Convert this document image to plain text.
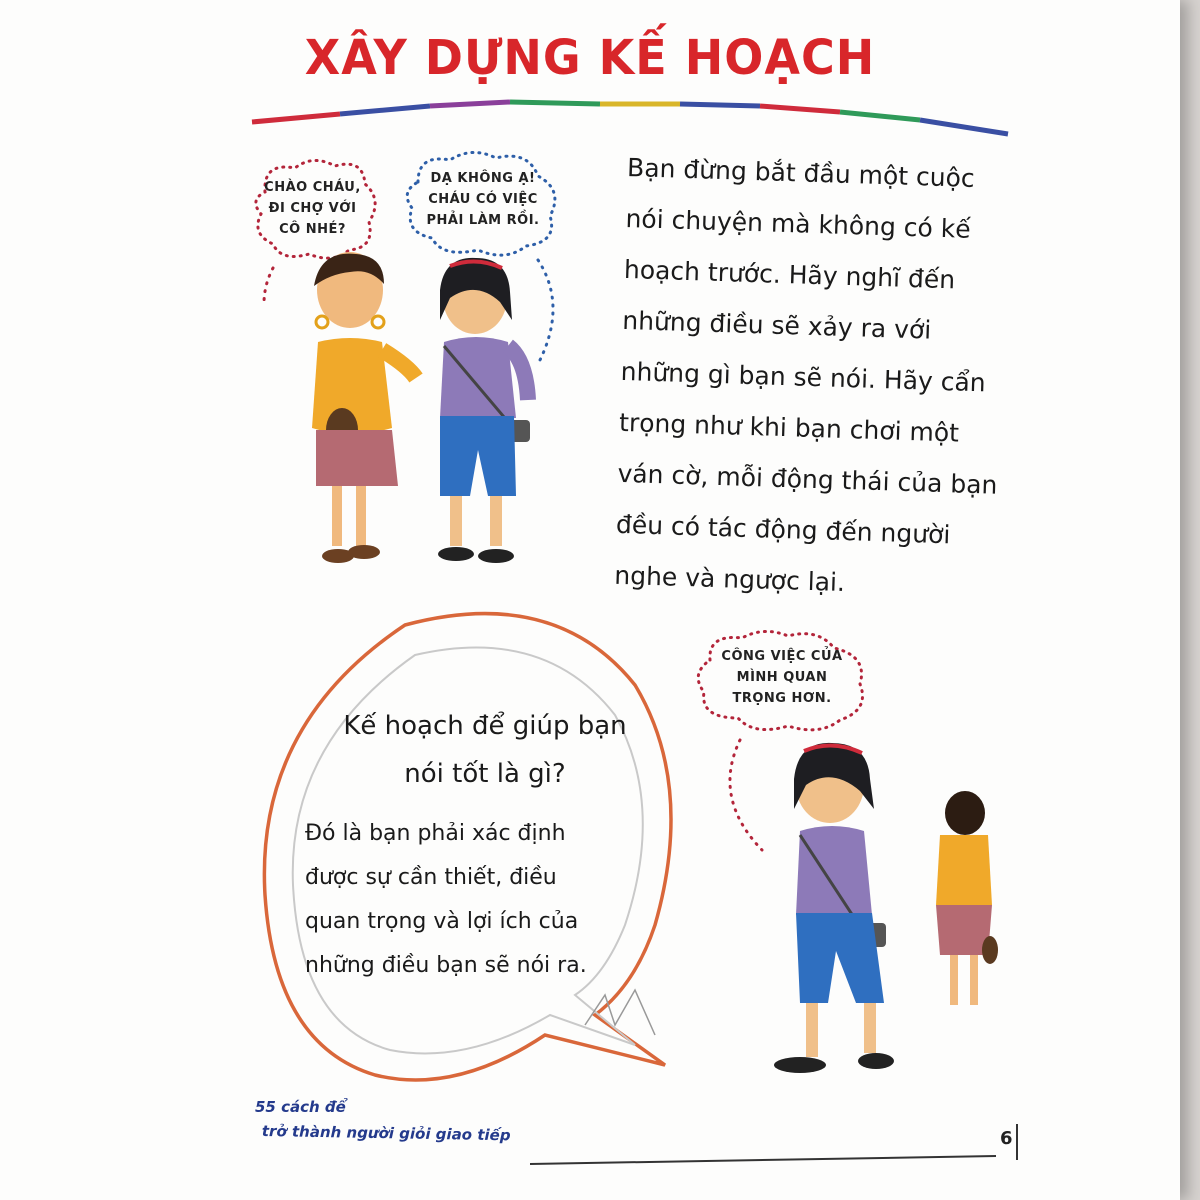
XÂY DỰNG KẾ HOẠCH
CHÀO CHÁU,
ĐI CHỢ VỚI
CÔ NHÉ?
DẠ KHÔNG Ạ!
CHÁU CÓ VIỆC
PHẢI LÀM RỒI.
Bạn đừng bắt đầu một cuộc nói chuyện mà không có kế hoạch trước. Hãy nghĩ đến những điều sẽ xảy ra với những gì bạn sẽ nói. Hãy cẩn trọng như khi bạn chơi một ván cờ, mỗi động thái của bạn đều có tác động đến người nghe và ngược lại.
Kế hoạch để giúp bạn
nói tốt là gì?
Đó là bạn phải xác định
được sự cần thiết, điều
quan trọng và lợi ích của
những điều bạn sẽ nói ra.
CÔNG VIỆC CỦA
MÌNH QUAN
TRỌNG HƠN.
55 cách để
trở thành người giỏi giao tiếp	6
